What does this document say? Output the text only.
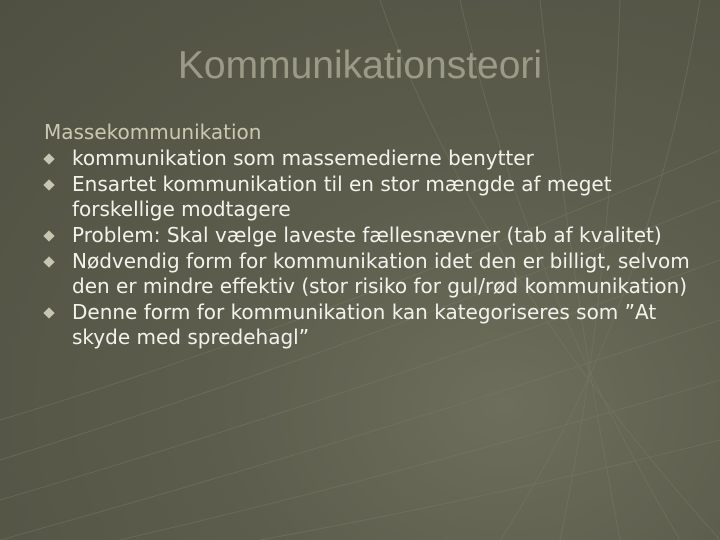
Kommunikationsteori
Massekommunikation
kommunikation som massemedierne benytter
Ensartet kommunikation til en stor mængde af meget forskellige modtagere
Problem: Skal vælge laveste fællesnævner (tab af kvalitet)
Nødvendig form for kommunikation idet den er billigt, selvom den er mindre effektiv (stor risiko for gul/rød kommunikation)
Denne form for kommunikation kan kategoriseres som ”At skyde med spredehagl”
